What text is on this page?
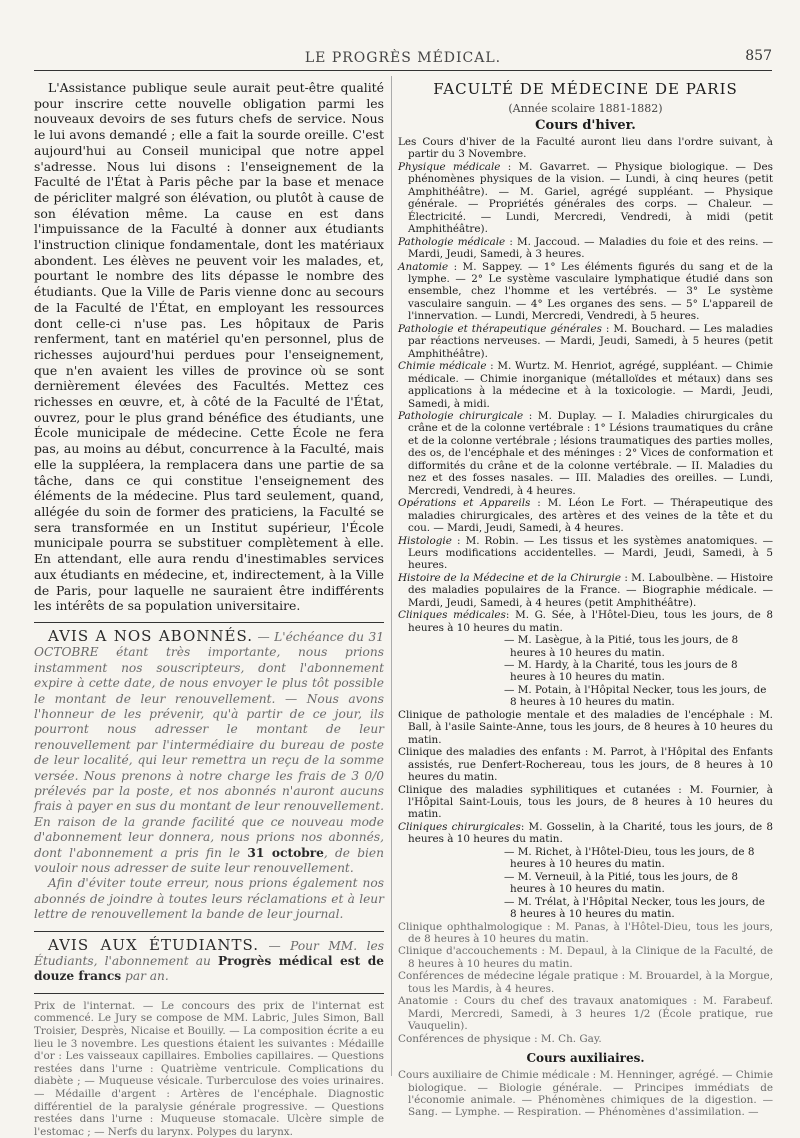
LE PROGRÈS MÉDICAL.	857

L'Assistance publique seule aurait peut-être qualité pour inscrire cette nouvelle obligation parmi les nouveaux devoirs de ses futurs chefs de service. Nous le lui avons demandé ; elle a fait la sourde oreille. C'est aujourd'hui au Conseil municipal que notre appel s'adresse. Nous lui disons : l'enseignement de la Faculté de l'État à Paris pêche par la base et menace de péricliter malgré son élévation, ou plutôt à cause de son élévation même. La cause en est dans l'impuissance de la Faculté à donner aux étudiants l'instruction clinique fondamentale, dont les matériaux abondent. Les élèves ne peuvent voir les malades, et, pourtant le nombre des lits dépasse le nombre des étudiants. Que la Ville de Paris vienne donc au secours de la Faculté de l'État, en employant les ressources dont celle-ci n'use pas. Les hôpitaux de Paris renferment, tant en matériel qu'en personnel, plus de richesses aujourd'hui perdues pour l'enseignement, que n'en avaient les villes de province où se sont dernièrement élevées des Facultés. Mettez ces richesses en œuvre, et, à côté de la Faculté de l'État, ouvrez, pour le plus grand bénéfice des étudiants, une École municipale de médecine. Cette École ne fera pas, au moins au début, concurrence à la Faculté, mais elle la suppléera, la remplacera dans une partie de sa tâche, dans ce qui constitue l'enseignement des éléments de la médecine. Plus tard seulement, quand, allégée du soin de former des praticiens, la Faculté se sera transformée en un Institut supérieur, l'École municipale pourra se substituer complètement à elle. En attendant, elle aura rendu d'inestimables services aux étudiants en médecine, et, indirectement, à la Ville de Paris, pour laquelle ne sauraient être indifférents les intérêts de sa population universitaire.

AVIS A NOS ABONNÉS. — L'échéance du 31 OCTOBRE étant très importante, nous prions instamment nos souscripteurs, dont l'abonnement expire à cette date, de nous envoyer le plus tôt possible le montant de leur renouvellement. — Nous avons l'honneur de les prévenir, qu'à partir de ce jour, ils pourront nous adresser le montant de leur renouvellement par l'intermédiaire du bureau de poste de leur localité, qui leur remettra un reçu de la somme versée. Nous prenons à notre charge les frais de 3 0/0 prélevés par la poste, et nos abonnés n'auront aucuns frais à payer en sus du montant de leur renouvellement. En raison de la grande facilité que ce nouveau mode d'abonnement leur donnera, nous prions nos abonnés, dont l'abonnement a pris fin le 31 octobre, de bien vouloir nous adresser de suite leur renouvellement.

Afin d'éviter toute erreur, nous prions également nos abonnés de joindre à toutes leurs réclamations et à leur lettre de renouvellement la bande de leur journal.

AVIS AUX ÉTUDIANTS. — Pour MM. les Étudiants, l'abonnement au Progrès médical est de douze francs par an.

Prix de l'internat. — Le concours des prix de l'internat est commencé. Le Jury se compose de MM. Labric, Jules Simon, Ball Troisier, Desprès, Nicaise et Bouilly. — La composition écrite a eu lieu le 3 novembre. Les questions étaient les suivantes : Médaille d'or : Les vaisseaux capillaires. Embolies capillaires. — Questions restées dans l'urne : Quatrième ventricule. Complications du diabète ; — Muqueuse vésicale. Turberculose des voies urinaires. — Médaille d'argent : Artères de l'encéphale. Diagnostic différentiel de la paralysie générale progressive. — Questions restées dans l'urne : Muqueuse stomacale. Ulcère simple de l'estomac ; — Nerfs du larynx. Polypes du larynx.

FACULTÉ DE MÉDECINE DE PARIS
(Année scolaire 1881-1882)
Cours d'hiver.

Les Cours d'hiver de la Faculté auront lieu dans l'ordre suivant, à partir du 3 Novembre.

Physique médicale : M. Gavarret. — Physique biologique. — Des phénomènes physiques de la vision. — Lundi, à cinq heures (petit Amphithéâtre). — M. Gariel, agrégé suppléant. — Physique générale. — Propriétés générales des corps. — Chaleur. — Électricité. — Lundi, Mercredi, Vendredi, à midi (petit Amphithéâtre).

Pathologie médicale : M. Jaccoud. — Maladies du foie et des reins. — Mardi, Jeudi, Samedi, à 3 heures.

Anatomie : M. Sappey. — 1° Les éléments figurés du sang et de la lymphe. — 2° Le système vasculaire lymphatique étudié dans son ensemble, chez l'homme et les vertébrés. — 3° Le système vasculaire sanguin. — 4° Les organes des sens. — 5° L'appareil de l'innervation. — Lundi, Mercredi, Vendredi, à 5 heures.

Pathologie et thérapeutique générales : M. Bouchard. — Les maladies par réactions nerveuses. — Mardi, Jeudi, Samedi, à 5 heures (petit Amphithéâtre).

Chimie médicale : M. Wurtz. M. Henriot, agrégé, suppléant. — Chimie médicale. — Chimie inorganique (métalloïdes et métaux) dans ses applications à la médecine et à la toxicologie. — Mardi, Jeudi, Samedi, à midi.

Pathologie chirurgicale : M. Duplay. — I. Maladies chirurgicales du crâne et de la colonne vertébrale : 1° Lésions traumatiques du crâne et de la colonne vertébrale ; lésions traumatiques des parties molles, des os, de l'encéphale et des méninges : 2° Vices de conformation et difformités du crâne et de la colonne vertébrale. — II. Maladies du nez et des fosses nasales. — III. Maladies des oreilles. — Lundi, Mercredi, Vendredi, à 4 heures.

Opérations et Appareils : M. Léon Le Fort. — Thérapeutique des maladies chirurgicales, des artères et des veines de la tête et du cou. — Mardi, Jeudi, Samedi, à 4 heures.

Histologie : M. Robin. — Les tissus et les systèmes anatomiques. — Leurs modifications accidentelles. — Mardi, Jeudi, Samedi, à 5 heures.

Histoire de la Médecine et de la Chirurgie : M. Laboulbène. — Histoire des maladies populaires de la France. — Biographie médicale. — Mardi, Jeudi, Samedi, à 4 heures (petit Amphithéâtre).

Cliniques médicales: M. G. Sée, à l'Hôtel-Dieu, tous les jours, de 8 heures à 10 heures du matin.

— M. Lasègue, à la Pitié, tous les jours, de 8 heures à 10 heures du matin.

— M. Hardy, à la Charité, tous les jours de 8 heures à 10 heures du matin.

— M. Potain, à l'Hôpital Necker, tous les jours, de 8 heures à 10 heures du matin.

Clinique de pathologie mentale et des maladies de l'encéphale : M. Ball, à l'asile Sainte-Anne, tous les jours, de 8 heures à 10 heures du matin.

Clinique des maladies des enfants : M. Parrot, à l'Hôpital des Enfants assistés, rue Denfert-Rochereau, tous les jours, de 8 heures à 10 heures du matin.

Clinique des maladies syphilitiques et cutanées : M. Fournier, à l'Hôpital Saint-Louis, tous les jours, de 8 heures à 10 heures du matin.

Cliniques chirurgicales: M. Gosselin, à la Charité, tous les jours, de 8 heures à 10 heures du matin.

— M. Richet, à l'Hôtel-Dieu, tous les jours, de 8 heures à 10 heures du matin.

— M. Verneuil, à la Pitié, tous les jours, de 8 heures à 10 heures du matin.

— M. Trélat, à l'Hôpital Necker, tous les jours, de 8 heures à 10 heures du matin.

Clinique ophthalmologique : M. Panas, à l'Hôtel-Dieu, tous les jours, de 8 heures à 10 heures du matin.

Clinique d'accouchements : M. Depaul, à la Clinique de la Faculté, de 8 heures à 10 heures du matin.

Conférences de médecine légale pratique : M. Brouardel, à la Morgue, tous les Mardis, à 4 heures.

Anatomie : Cours du chef des travaux anatomiques : M. Farabeuf. Mardi, Mercredi, Samedi, à 3 heures 1/2 (École pratique, rue Vauquelin).

Conférences de physique : M. Ch. Gay.

Cours auxiliaires.

Cours auxiliaire de Chimie médicale : M. Henninger, agrégé. — Chimie biologique. — Biologie générale. — Principes immédiats de l'économie animale. — Phénomènes chimiques de la digestion. — Sang. — Lymphe. — Respiration. — Phénomènes d'assimilation. —
